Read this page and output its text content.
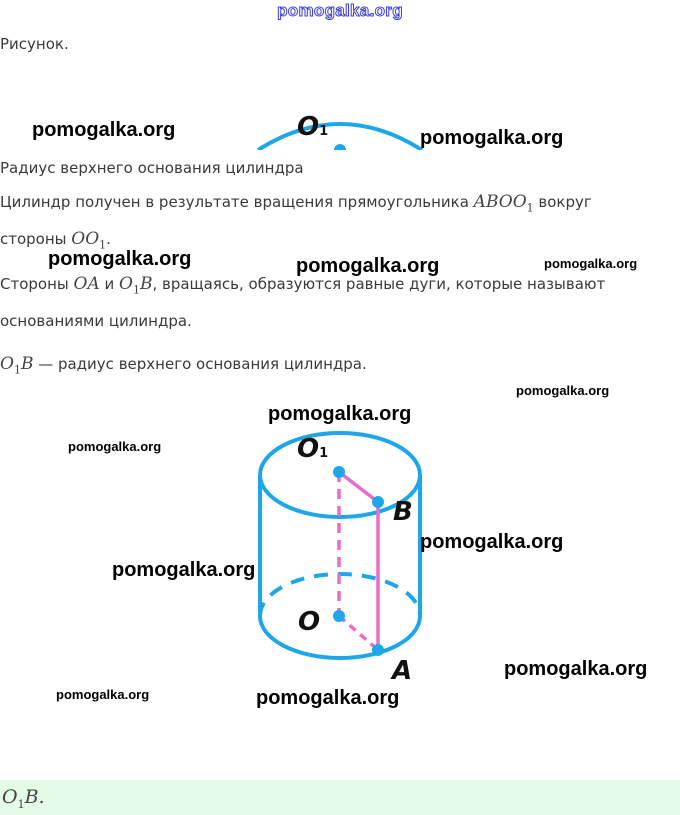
pomogalka.org
Рисунок.
O1
pomogalka.org	pomogalka.org
Радиус верхнего основания цилиндра
Цилиндр получен в результате вращения прямоугольника $ABOO_1$ вокруг
стороны $OO_1$.
pomogalka.org	pomogalka.org	pomogalka.org
Стороны OA и $O_1B$, вращаясь, образуются равные дуги, которые называют
основаниями цилиндра.
$O_1B$ — радиус верхнего основания цилиндра.
pomogalka.org
pomogalka.org
pomogalka.org	O1
B
O
A
pomogalka.org
pomogalka.org
pomogalka.org
pomogalka.org	pomogalka.org
$O_1B$.
